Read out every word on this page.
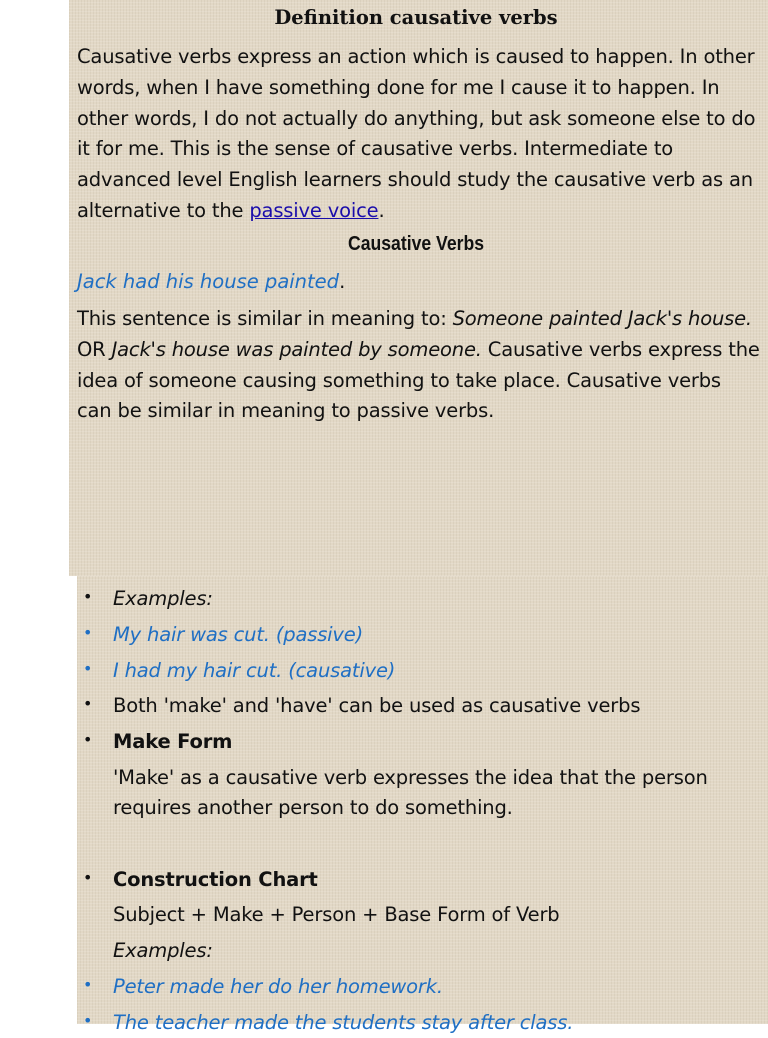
Definition causative verbs

Causative verbs express an action which is caused to happen. In other words, when I have something done for me I cause it to happen. In other words, I do not actually do anything, but ask someone else to do it for me. This is the sense of causative verbs. Intermediate to advanced level English learners should study the causative verb as an alternative to the passive voice.

Causative Verbs

Jack had his house painted.

This sentence is similar in meaning to: Someone painted Jack's house. OR Jack's house was painted by someone. Causative verbs express the idea of someone causing something to take place. Causative verbs can be similar in meaning to passive verbs.

• Examples:

• My hair was cut. (passive)

• I had my hair cut. (causative)

• Both 'make' and 'have' can be used as causative verbs

• Make Form

• Construction Chart

• Peter made her do her homework.

• The teacher made the students stay after class.

'Make' as a causative verb expresses the idea that the person requires another person to do something.

Subject + Make + Person + Base Form of Verb

Examples:
